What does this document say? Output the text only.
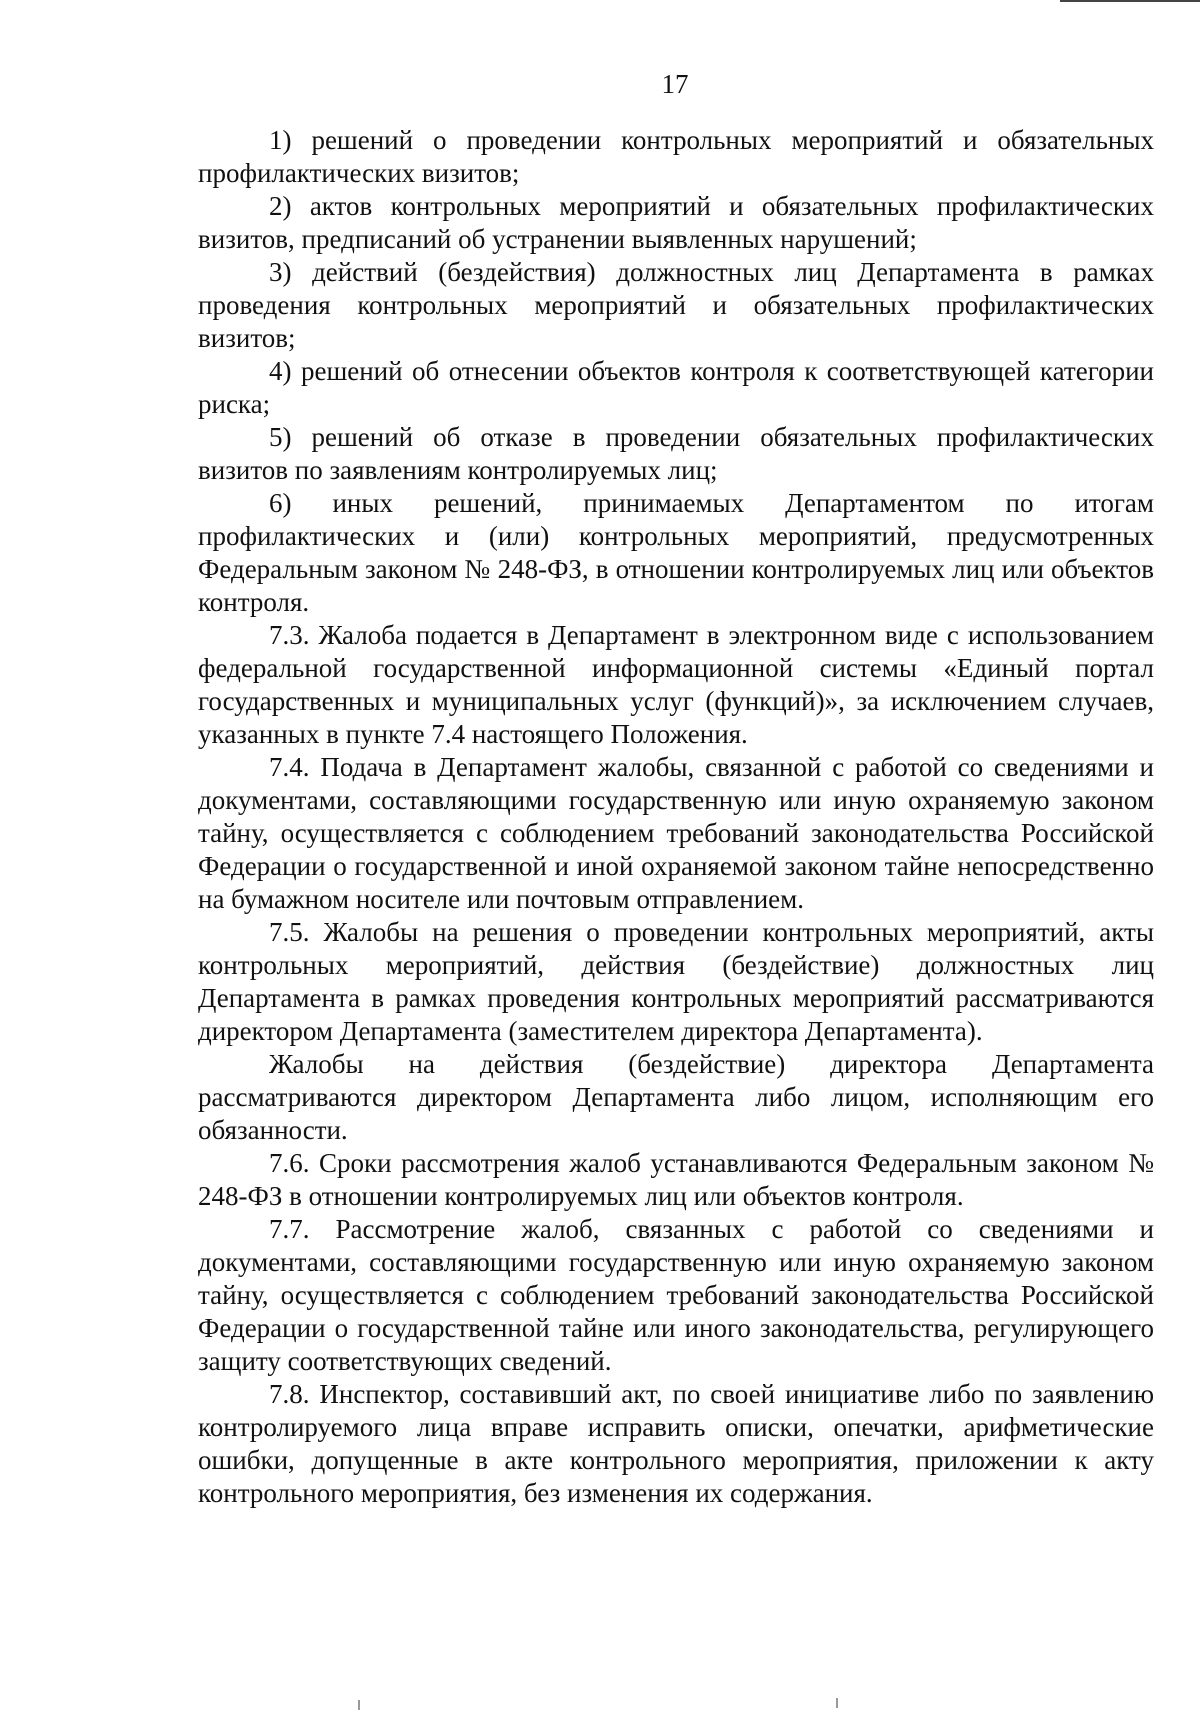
17

1) решений о проведении контрольных мероприятий и обязательных профилактических визитов;

2) актов контрольных мероприятий и обязательных профилактических визитов, предписаний об устранении выявленных нарушений;

3) действий (бездействия) должностных лиц Департамента в рамках проведения контрольных мероприятий и обязательных профилактических визитов;

4) решений об отнесении объектов контроля к соответствующей категории риска;

5) решений об отказе в проведении обязательных профилактических визитов по заявлениям контролируемых лиц;

6) иных решений, принимаемых Департаментом по итогам профилактических и (или) контрольных мероприятий, предусмотренных Федеральным законом № 248-ФЗ, в отношении контролируемых лиц или объектов контроля.

7.3. Жалоба подается в Департамент в электронном виде с использованием федеральной государственной информационной системы «Единый портал государственных и муниципальных услуг (функций)», за исключением случаев, указанных в пункте 7.4 настоящего Положения.

7.4. Подача в Департамент жалобы, связанной с работой со сведениями и документами, составляющими государственную или иную охраняемую законом тайну, осуществляется с соблюдением требований законодательства Российской Федерации о государственной и иной охраняемой законом тайне непосредственно на бумажном носителе или почтовым отправлением.

7.5. Жалобы на решения о проведении контрольных мероприятий, акты контрольных мероприятий, действия (бездействие) должностных лиц Департамента в рамках проведения контрольных мероприятий рассматриваются директором Департамента (заместителем директора Департамента).

Жалобы на действия (бездействие) директора Департамента рассматриваются директором Департамента либо лицом, исполняющим его обязанности.

7.6. Сроки рассмотрения жалоб устанавливаются Федеральным законом № 248-ФЗ в отношении контролируемых лиц или объектов контроля.

7.7. Рассмотрение жалоб, связанных с работой со сведениями и документами, составляющими государственную или иную охраняемую законом тайну, осуществляется с соблюдением требований законодательства Российской Федерации о государственной тайне или иного законодательства, регулирующего защиту соответствующих сведений.

7.8. Инспектор, составивший акт, по своей инициативе либо по заявлению контролируемого лица вправе исправить описки, опечатки, арифметические ошибки, допущенные в акте контрольного мероприятия, приложении к акту контрольного мероприятия, без изменения их содержания.
